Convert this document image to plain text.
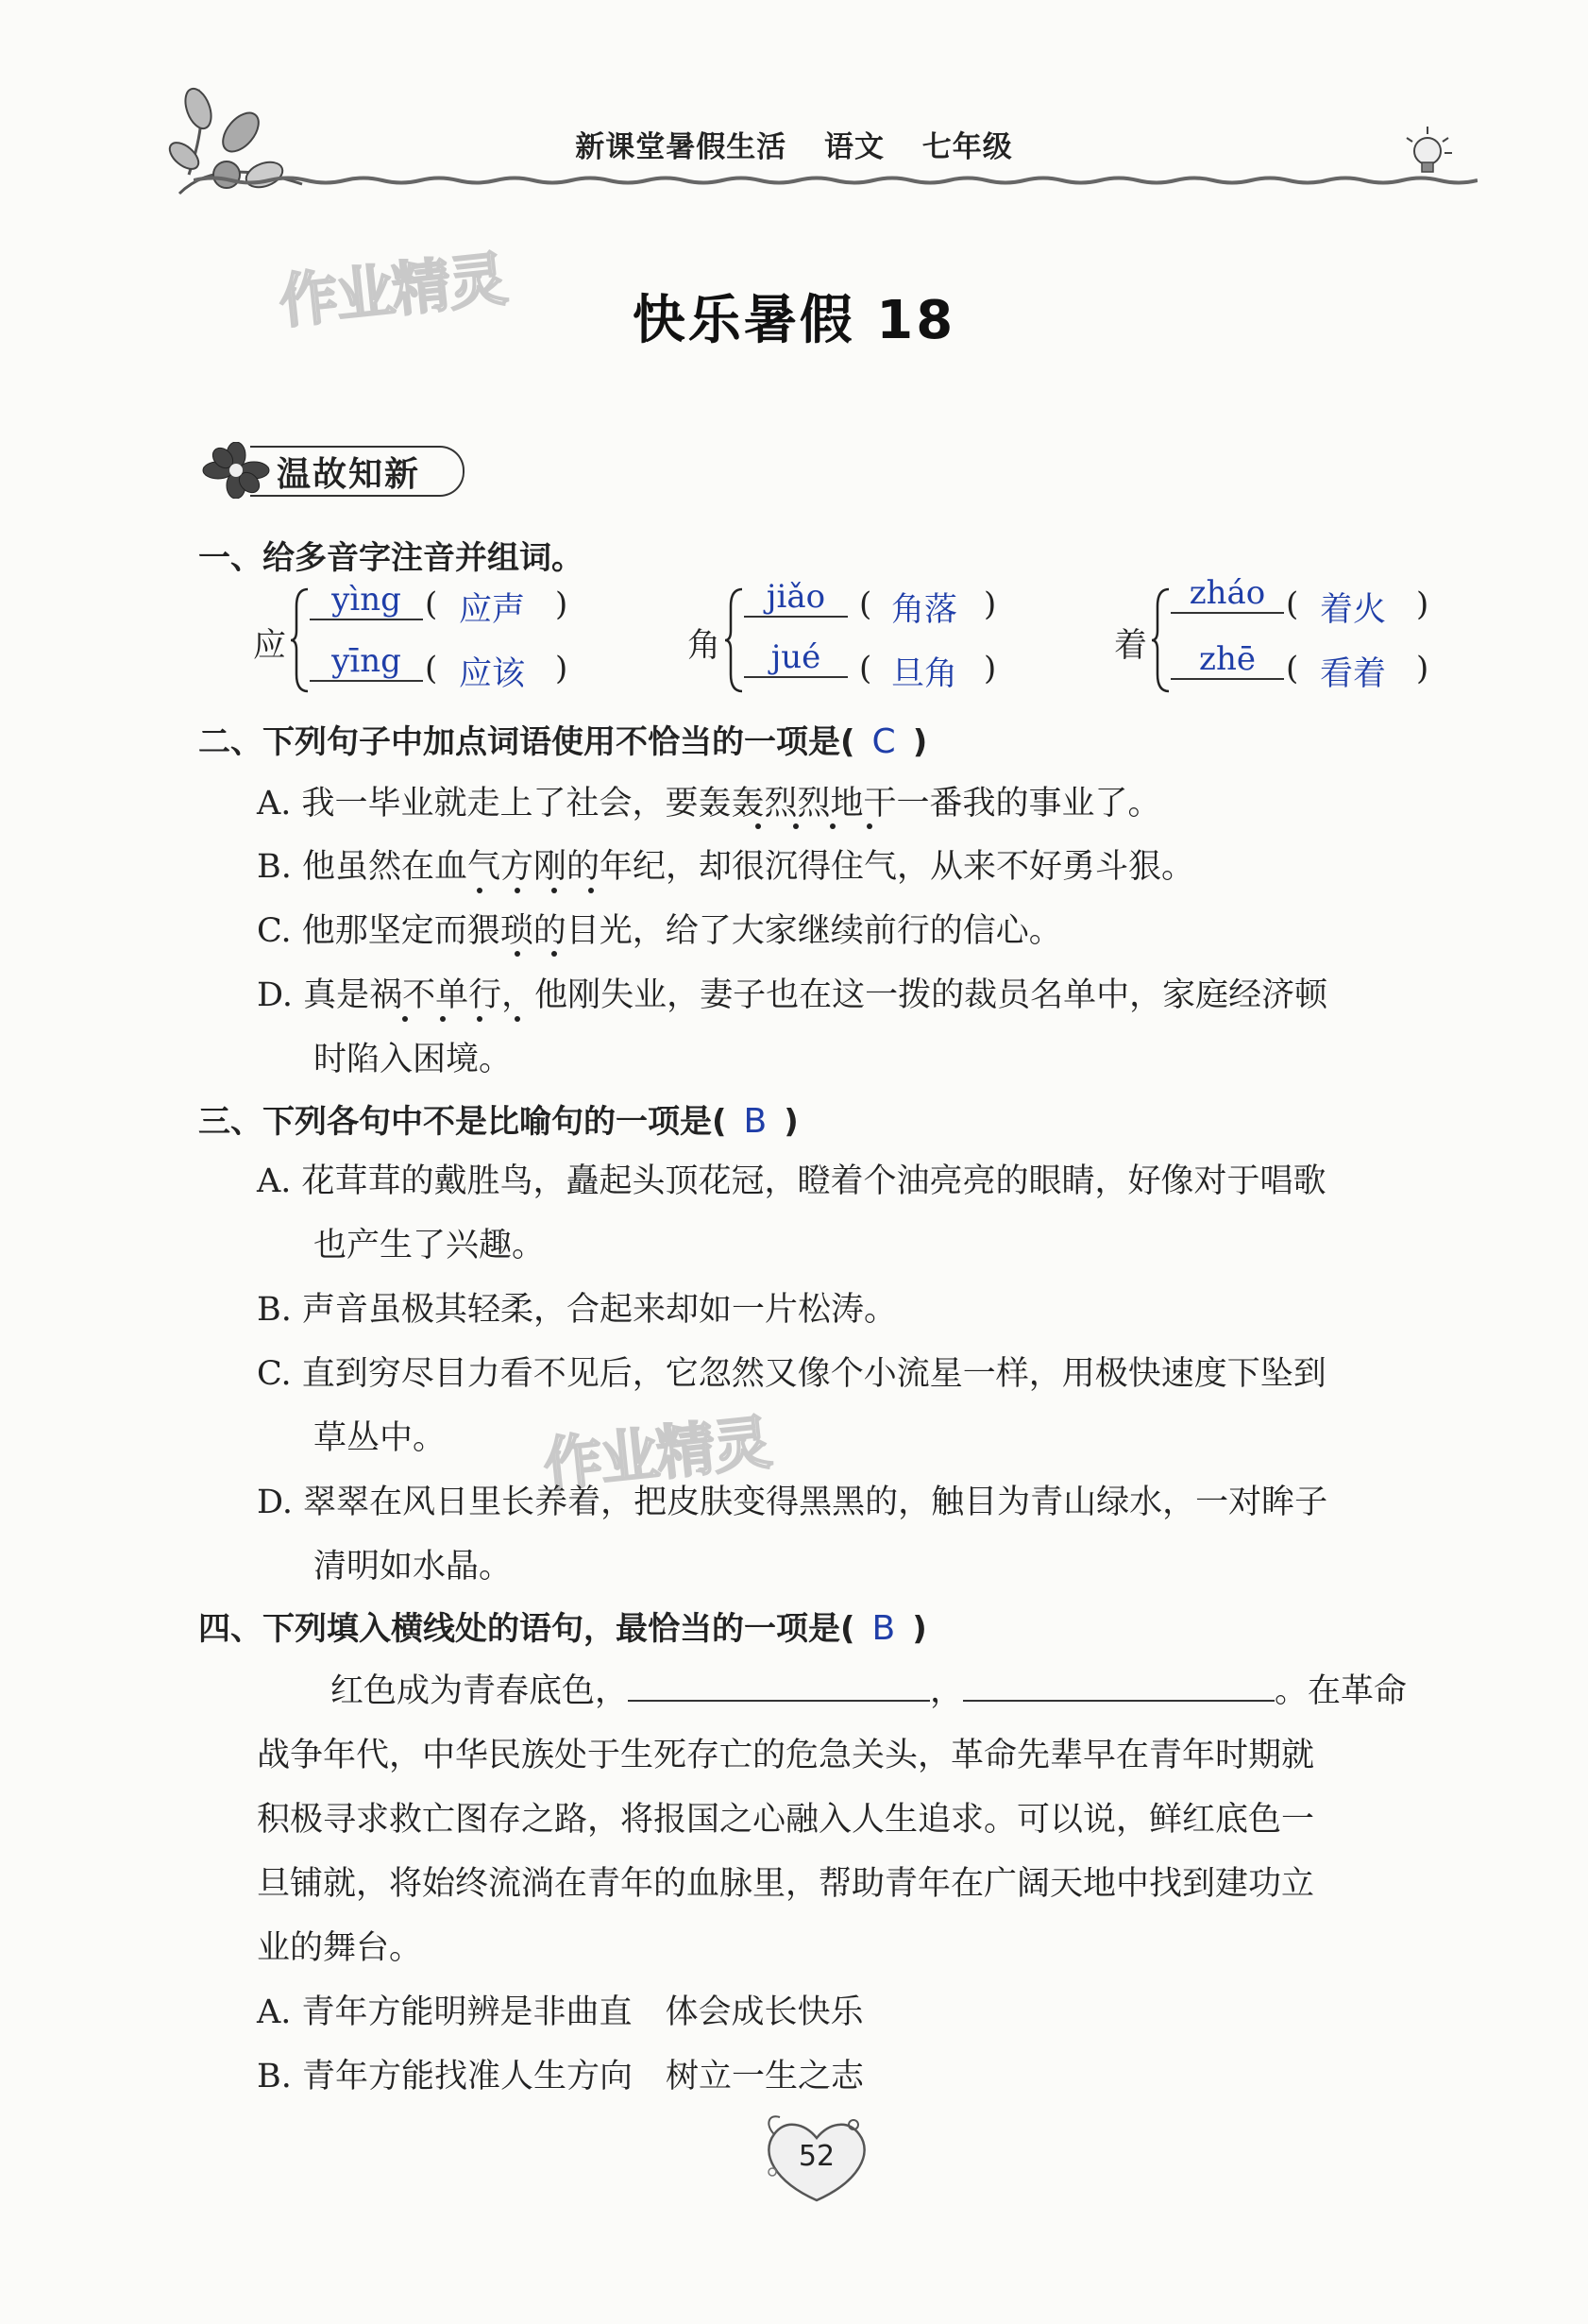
新课堂暑假生活 语文 七年级
作业精灵
作业精灵
快乐暑假 18
温故知新
一、给多音字注音并组词。
应
yìng ( 应声 )
yīng ( 应该 )
角
jiǎo	( 角落 )
jué	( 旦角 )
着
zháo ( 着火 )
zhē ( 看着 )
二、下列句子中加点词语使用不恰当的一项是( C )
A. 我一毕业就走上了社会，要轰轰烈烈地干一番我的事业了。
B. 他虽然在血气方刚的年纪，却很沉得住气，从来不好勇斗狠。
C. 他那坚定而猥琐的目光，给了大家继续前行的信心。
D. 真是祸不单行，他刚失业，妻子也在这一拨的裁员名单中，家庭经济顿
时陷入困境。
三、下列各句中不是比喻句的一项是( B )
A. 花茸茸的戴胜鸟，矗起头顶花冠，瞪着个油亮亮的眼睛，好像对于唱歌
也产生了兴趣。
B. 声音虽极其轻柔，合起来却如一片松涛。
C. 直到穷尽目力看不见后，它忽然又像个小流星一样，用极快速度下坠到
草丛中。
D. 翠翠在风日里长养着，把皮肤变得黑黑的，触目为青山绿水，一对眸子
清明如水晶。
四、下列填入横线处的语句，最恰当的一项是( B )
红色成为青春底色，	，	。在革命
战争年代，中华民族处于生死存亡的危急关头，革命先辈早在青年时期就
积极寻求救亡图存之路，将报国之心融入人生追求。可以说，鲜红底色一
旦铺就，将始终流淌在青年的血脉里，帮助青年在广阔天地中找到建功立
业的舞台。
A. 青年方能明辨是非曲直　体会成长快乐
B. 青年方能找准人生方向　树立一生之志
52
